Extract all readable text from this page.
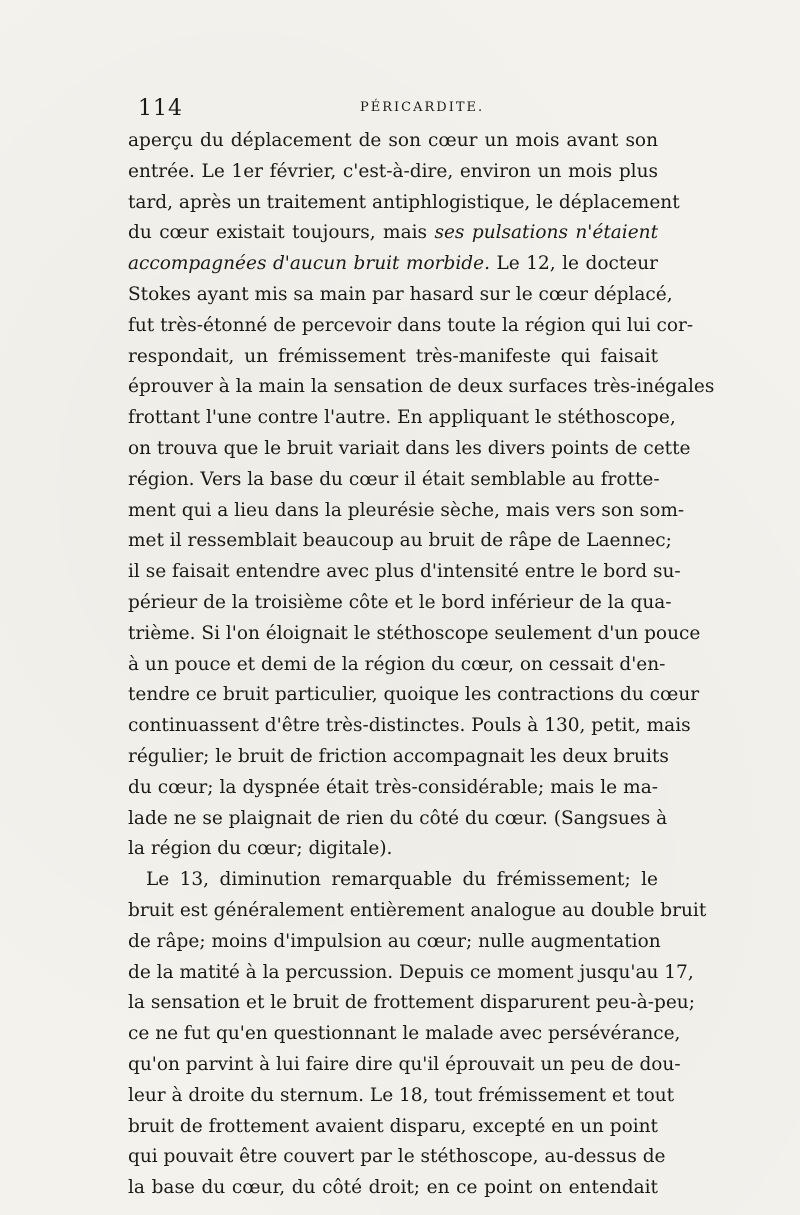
114	PÉRICARDITE.
aperçu du déplacement de son cœur un mois avant son
entrée. Le 1er février, c'est-à-dire, environ un mois plus
tard, après un traitement antiphlogistique, le déplacement
du cœur existait toujours, mais ses pulsations n'étaient
accompagnées d'aucun bruit morbide. Le 12, le docteur
Stokes ayant mis sa main par hasard sur le cœur déplacé,
fut très-étonné de percevoir dans toute la région qui lui cor-
respondait, un frémissement très-manifeste qui faisait
éprouver à la main la sensation de deux surfaces très-inégales
frottant l'une contre l'autre. En appliquant le stéthoscope,
on trouva que le bruit variait dans les divers points de cette
région. Vers la base du cœur il était semblable au frotte-
ment qui a lieu dans la pleurésie sèche, mais vers son som-
met il ressemblait beaucoup au bruit de râpe de Laennec;
il se faisait entendre avec plus d'intensité entre le bord su-
périeur de la troisième côte et le bord inférieur de la qua-
trième. Si l'on éloignait le stéthoscope seulement d'un pouce
à un pouce et demi de la région du cœur, on cessait d'en-
tendre ce bruit particulier, quoique les contractions du cœur
continuassent d'être très-distinctes. Pouls à 130, petit, mais
régulier; le bruit de friction accompagnait les deux bruits
du cœur; la dyspnée était très-considérable; mais le ma-
lade ne se plaignait de rien du côté du cœur. (Sangsues à
la région du cœur; digitale).
Le 13, diminution remarquable du frémissement; le
bruit est généralement entièrement analogue au double bruit
de râpe; moins d'impulsion au cœur; nulle augmentation
de la matité à la percussion. Depuis ce moment jusqu'au 17,
la sensation et le bruit de frottement disparurent peu-à-peu;
ce ne fut qu'en questionnant le malade avec persévérance,
qu'on parvint à lui faire dire qu'il éprouvait un peu de dou-
leur à droite du sternum. Le 18, tout frémissement et tout
bruit de frottement avaient disparu, excepté en un point
qui pouvait être couvert par le stéthoscope, au-dessus de
la base du cœur, du côté droit; en ce point on entendait
